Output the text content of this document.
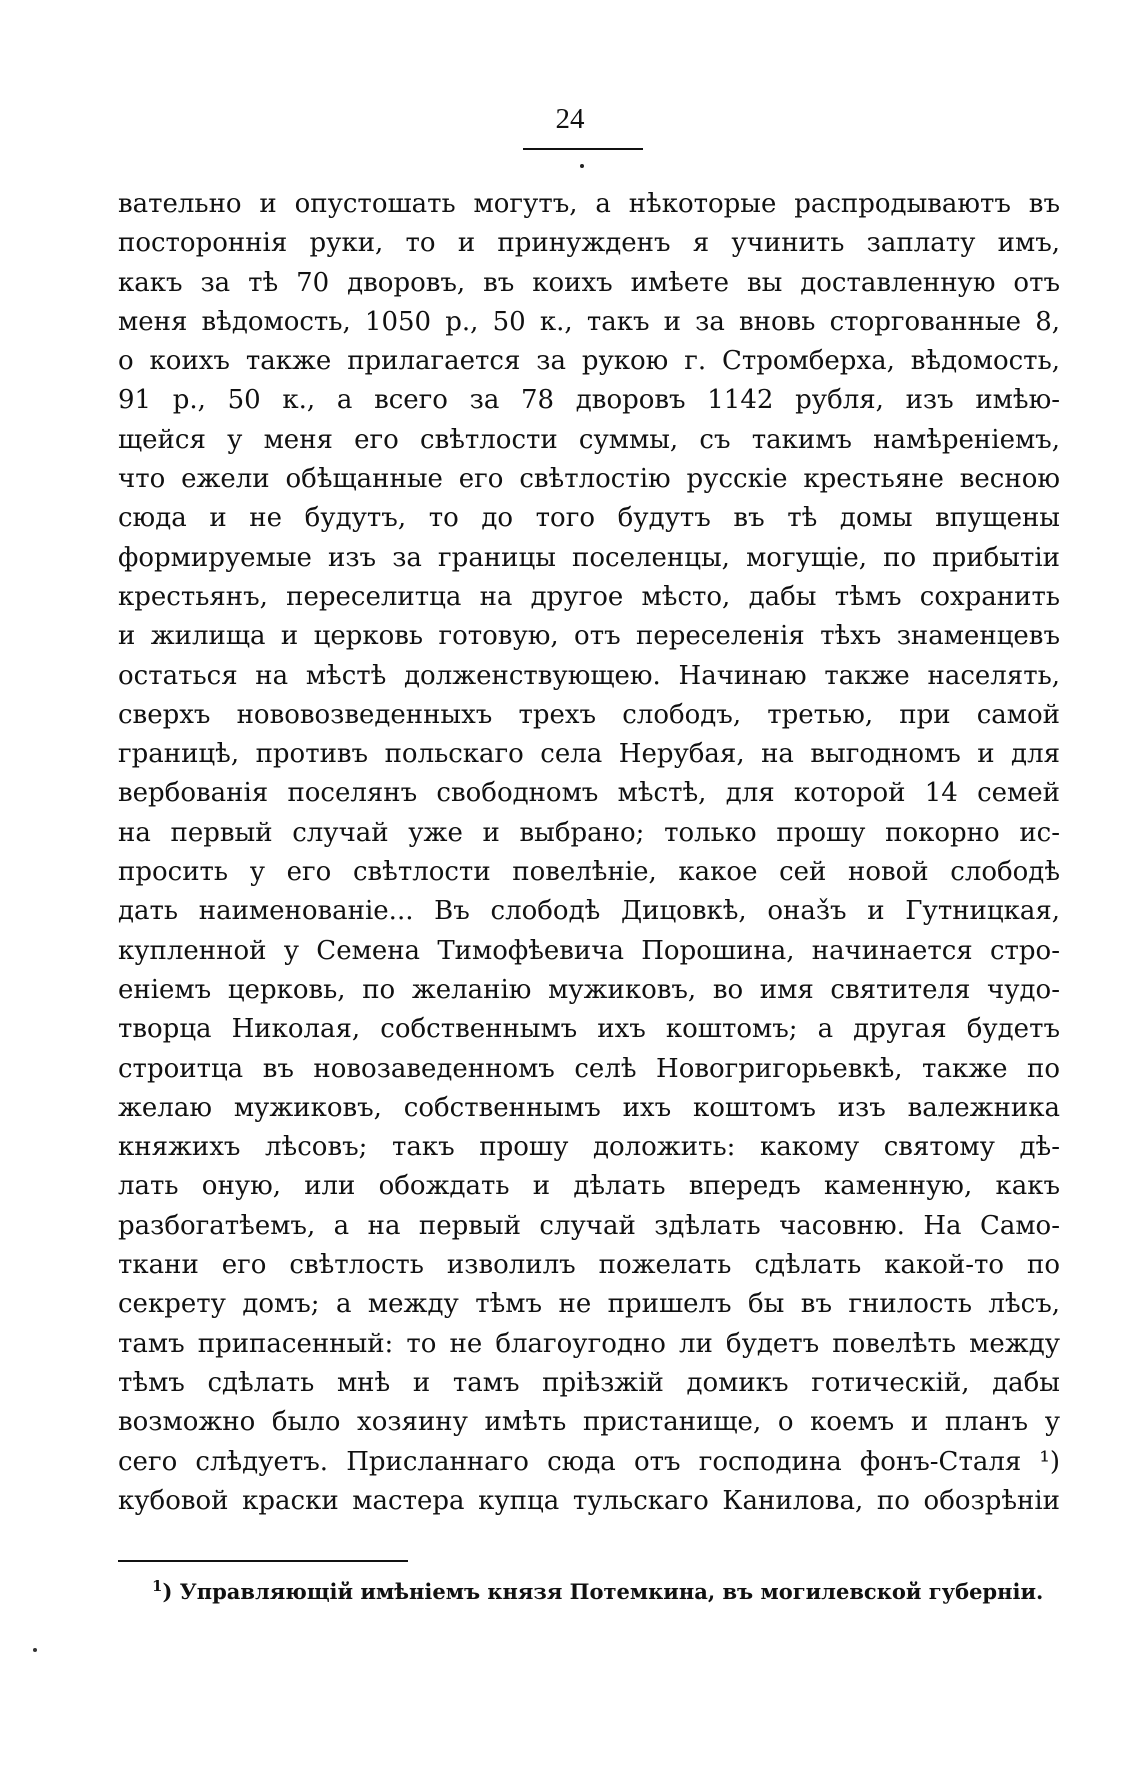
24
вательно и опустошать могутъ, а нѣкоторые распродываютъ въ
постороннія руки, то и принужденъ я учинить заплату имъ,
какъ за тѣ 70 дворовъ, въ коихъ имѣете вы доставленную отъ
меня вѣдомость, 1050 р., 50 к., такъ и за вновь сторгованные 8,
о коихъ также прилагается за рукою г. Стромберха, вѣдомость,
91 р., 50 к., а всего за 78 дворовъ 1142 рубля, изъ имѣю-
щейся у меня его свѣтлости суммы, съ такимъ намѣреніемъ,
что ежели обѣщанные его свѣтлостію русскіе крестьяне весною
сюда и не будутъ, то до того будутъ въ тѣ домы впущены
формируемые изъ за границы поселенцы, могущіе, по прибытіи
крестьянъ, переселитца на другое мѣсто, дабы тѣмъ сохранить
и жилища и церковь готовую, отъ переселенія тѣхъ знаменцевъ
остаться на мѣстѣ долженствующею. Начинаю также населять,
сверхъ нововозведенныхъ трехъ слободъ, третью, при самой
границѣ, противъ польскаго села Нерубая, на выгодномъ и для
вербованія поселянъ свободномъ мѣстѣ, для которой 14 семей
на первый случай уже и выбрано; только прошу покорно ис-
просить у его свѣтлости повелѣніе, какое сей новой слободѣ
дать наименованіе... Въ слободѣ Дицовкѣ, оназ̌ъ и Гутницкая,
купленной у Семена Тимофѣевича Порошина, начинается стро-
еніемъ церковь, по желанію мужиковъ, во имя святителя чудо-
творца Николая, собственнымъ ихъ коштомъ; а другая будетъ
строитца въ новозаведенномъ селѣ Новогригорьевкѣ, также по
желаю мужиковъ, собственнымъ ихъ коштомъ изъ валежника
княжихъ лѣсовъ; такъ прошу доложить: какому святому дѣ-
лать оную, или обождать и дѣлать впередъ каменную, какъ
разбогатѣемъ, а на первый случай здѣлать часовню. На Само-
ткани его свѣтлость изволилъ пожелать сдѣлать какой-то по
секрету домъ; а между тѣмъ не пришелъ бы въ гнилость лѣсъ,
тамъ припасенный: то не благоугодно ли будетъ повелѣть между
тѣмъ сдѣлать мнѣ и тамъ пріѣзжій домикъ готическій, дабы
возможно было хозяину имѣть пристанище, о коемъ и планъ у
сего слѣдуетъ. Присланнаго сюда отъ господина фонъ-Сталя ¹)
кубовой краски мастера купца тульскаго Канилова, по обозрѣніи
$^1$) Управляющій имѣніемъ князя Потемкина, въ могилевской губерніи.
